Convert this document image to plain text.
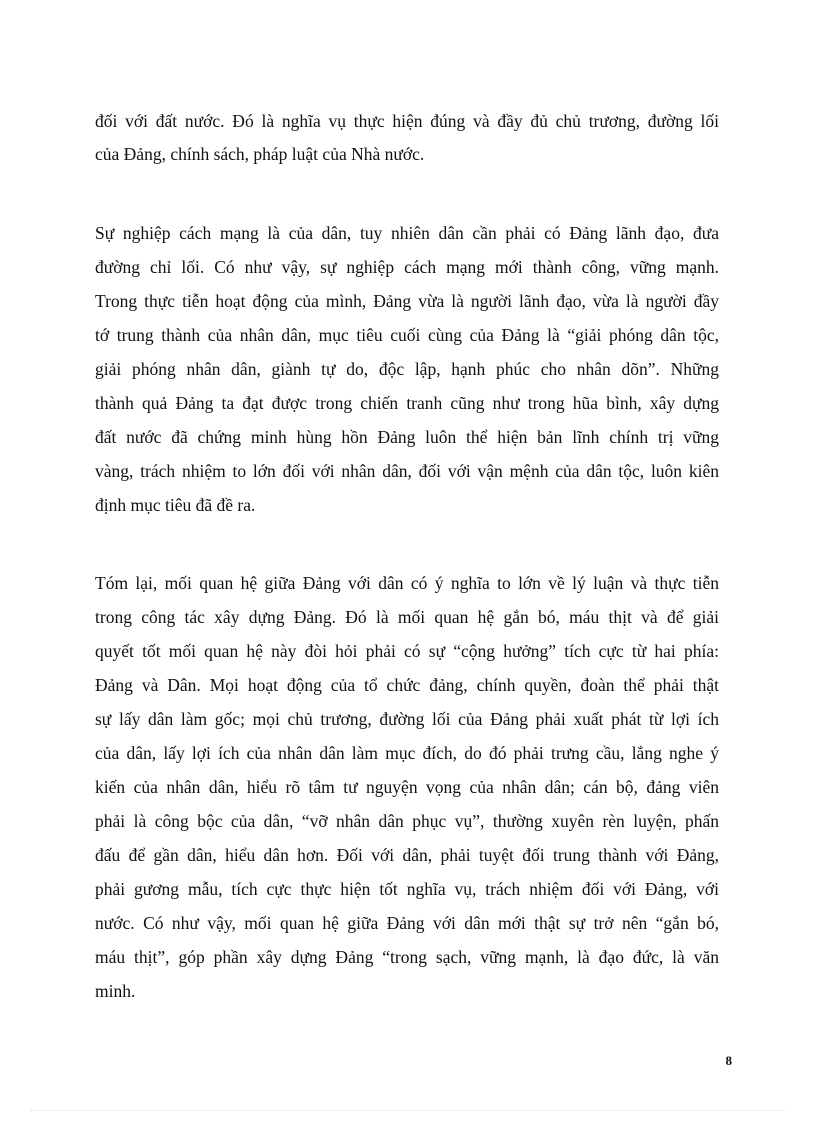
đối với đất nước. Đó là nghĩa vụ thực hiện đúng và đầy đủ chủ trương, đường lối
của Đảng, chính sách, pháp luật của Nhà nước.
Sự nghiệp cách mạng là của dân, tuy nhiên dân cần phải có Đảng lãnh đạo, đưa
đường chỉ lối. Có như vậy, sự nghiệp cách mạng mới thành công, vững mạnh.
Trong thực tiễn hoạt động của mình, Đảng vừa là người lãnh đạo, vừa là người đầy
tớ trung thành của nhân dân, mục tiêu cuối cùng của Đảng là “giải phóng dân tộc,
giải phóng nhân dân, giành tự do, độc lập, hạnh phúc cho nhân dõn”. Những
thành quả Đảng ta đạt được trong chiến tranh cũng như trong hũa bình, xây dựng
đất nước đã chứng minh hùng hồn Đảng luôn thể hiện bản lĩnh chính trị vững
vàng, trách nhiệm to lớn đối với nhân dân, đối với vận mệnh của dân tộc, luôn kiên
định mục tiêu đã đề ra.
Tóm lại, mối quan hệ giữa Đảng với dân có ý nghĩa to lớn về lý luận và thực tiễn
trong công tác xây dựng Đảng. Đó là mối quan hệ gắn bó, máu thịt và để giải
quyết tốt mối quan hệ này đòi hỏi phải có sự “cộng hưởng” tích cực từ hai phía:
Đảng và Dân. Mọi hoạt động của tổ chức đảng, chính quyền, đoàn thể phải thật
sự lấy dân làm gốc; mọi chủ trương, đường lối của Đảng phải xuất phát từ lợi ích
của dân, lấy lợi ích của nhân dân làm mục đích, do đó phải trưng cầu, lắng nghe ý
kiến của nhân dân, hiểu rõ tâm tư nguyện vọng của nhân dân; cán bộ, đảng viên
phải là công bộc của dân, “vỡ nhân dân phục vụ”, thường xuyên rèn luyện, phấn
đấu để gần dân, hiểu dân hơn. Đối với dân, phải tuyệt đối trung thành với Đảng,
phải gương mẫu, tích cực thực hiện tốt nghĩa vụ, trách nhiệm đối với Đảng, với
nước. Có như vậy, mối quan hệ giữa Đảng với dân mới thật sự trở nên “gắn bó,
máu thịt”, góp phần xây dựng Đảng “trong sạch, vững mạnh, là đạo đức, là văn
minh.
8
